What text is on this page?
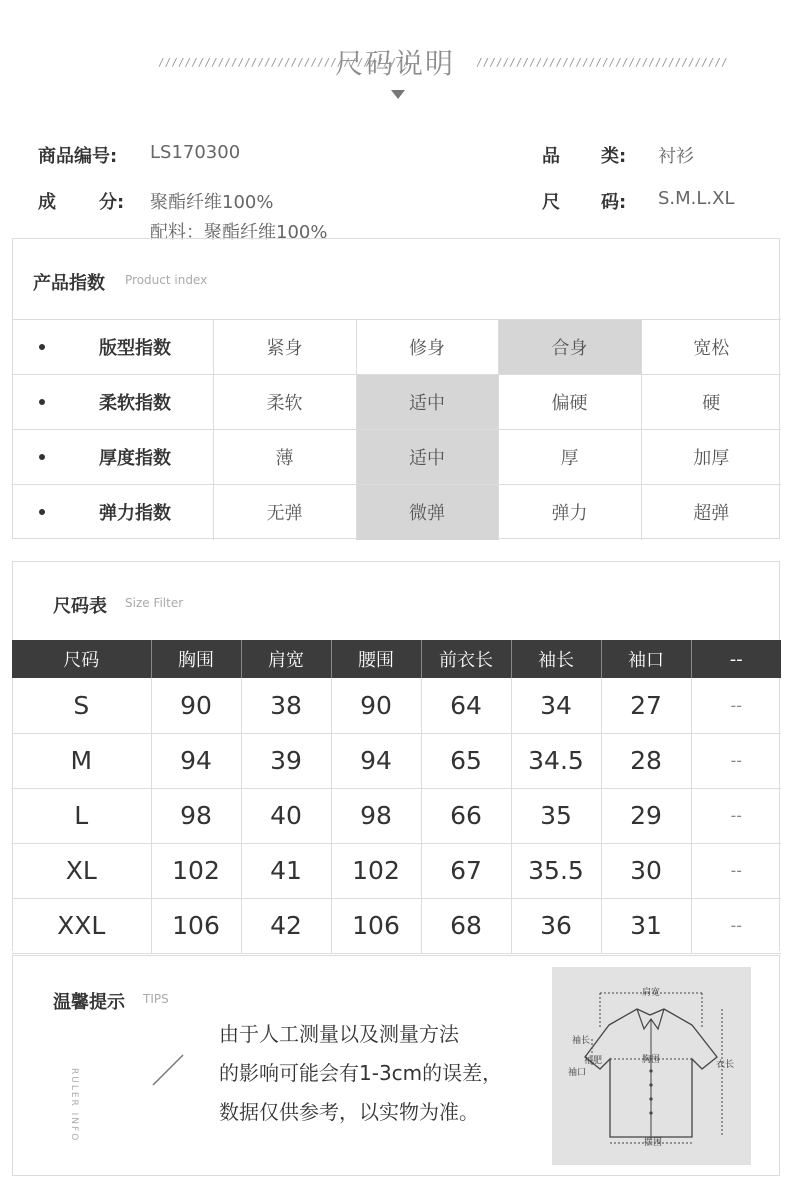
//////////////////////////////////////
尺码说明	//////////////////////////////////////
商品编号: LS170300	品 类: 衬衫
成 分: 聚酯纤维100%
配料：聚酯纤维100%
尺 码: S.M.L.XL
产品指数 Product index
版型指数	紧身	修身	合身	宽松
柔软指数	柔软	适中	偏硬	硬
厚度指数	薄	适中	厚	加厚
弹力指数	无弹	微弹	弹力	超弹
尺码表 Size Filter
尺码	胸围	肩宽	腰围	前衣长	袖长	袖口	--
S	90	38	90	64	34	27	--
M	94	39	94	65	34.5	28	--
L	98	40	98	66	35	29	--
XL	102	41	102	67	35.5	30	--
XXL	106	42	106	68	36	31	--
温馨提示 TIPS
RULER INFO
由于人工测量以及测量方法
的影响可能会有1-3cm的误差，
数据仅供参考，以实物为准。
肩宽
袖长
袖肥
袖口
胸围	衣长
摆围
